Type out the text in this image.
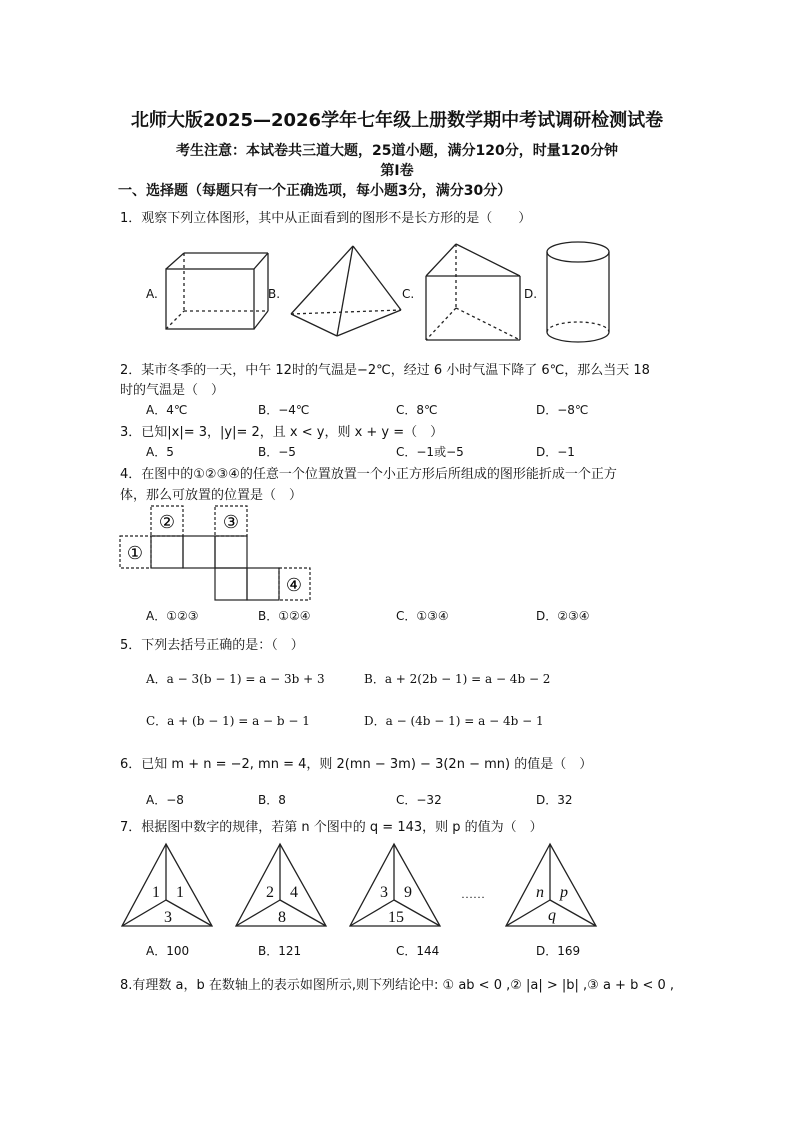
北师大版2025—2026学年七年级上册数学期中考试调研检测试卷
考生注意：本试卷共三道大题，25道小题，满分120分，时量120分钟
第Ⅰ卷
一、选择题（每题只有一个正确选项，每小题3分，满分30分）
1．观察下列立体图形，其中从正面看到的图形不是长方形的是（　　）
A.	B.	C.	D.
2．某市冬季的一天，中午 12时的气温是−2℃，经过 6 小时气温下降了 6℃，那么当天 18
时的气温是（　）
A．4℃	B．−4℃	C．8℃	D．−8℃
3．已知|x|= 3，|y|= 2，且 x < y，则 x + y =（　）
A．5	B．−5	C．−1或−5	D．−1
4．在图中的①②③④的任意一个位置放置一个小正方形后所组成的图形能折成一个正方
体，那么可放置的位置是（　）
①
②	③
④
A．①②③	B．①②④	C．①③④	D．②③④
5．下列去括号正确的是：（　）
A．a − 3(b − 1) = a − 3b + 3	B．a + 2(2b − 1) = a − 4b − 2
C．a + (b − 1) = a − b − 1	D．a − (4b − 1) = a − 4b − 1
6．已知 m + n = −2, mn = 4，则 2(mn − 3m) − 3(2n − mn) 的值是（　）
A．−8	B．8	C．−32	D．32
7．根据图中数字的规律，若第 n 个图中的 q = 143，则 p 的值为（　）
1 1
3
2 4
8
3 9
15
……	n p
q
A．100	B．121	C．144	D．169
8.有理数 a，b 在数轴上的表示如图所示,则下列结论中: ① ab < 0 ,② |a| > |b| ,③ a + b < 0 ,
